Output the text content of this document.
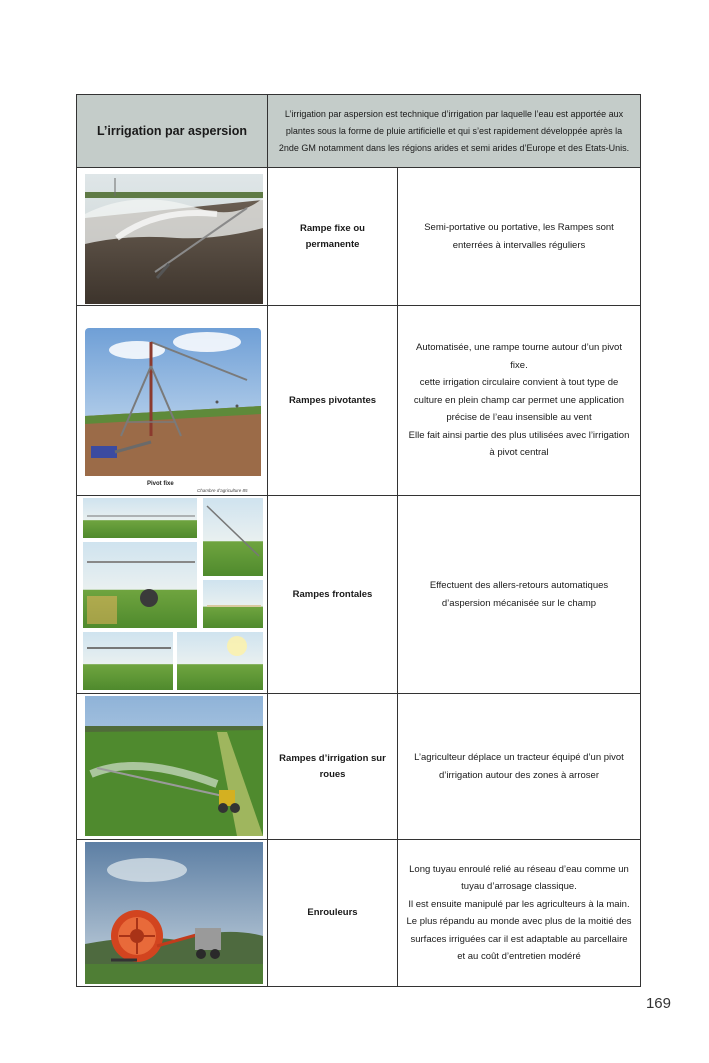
L’irrigation par aspersion	L’irrigation par aspersion est technique d’irrigation par laquelle l’eau est apportée aux plantes sous la forme de pluie artificielle et qui s’est rapidement développée après la 2nde GM notamment dans les régions arides et semi arides d’Europe et des Etats-Unis.	

	Rampe fixe ou permanente	Semi-portative ou portative, les Rampes sont enterrées à intervalles réguliers

Pivot fixe
Chambre d’agriculture 85	Rampes pivotantes	Automatisée, une rampe tourne autour d’un pivot fixe.
cette irrigation circulaire convient à tout type de culture en plein champ car permet une application précise de l’eau insensible au vent
Elle fait ainsi partie des plus utilisées avec l’irrigation à pivot central

	Rampes frontales	Effectuent des allers-retours automatiques d’aspersion mécanisée sur le champ

	Rampes d’irrigation sur roues	L’agriculteur déplace un tracteur équipé d’un pivot d’irrigation autour des zones à arroser

	Enrouleurs	Long tuyau enroulé relié au réseau d’eau comme un tuyau d’arrosage classique.
Il est ensuite manipulé par les agriculteurs à la main.
Le plus répandu au monde avec plus de la moitié des surfaces irriguées car il est adaptable au parcellaire et au coût d’entretien modéré
169
